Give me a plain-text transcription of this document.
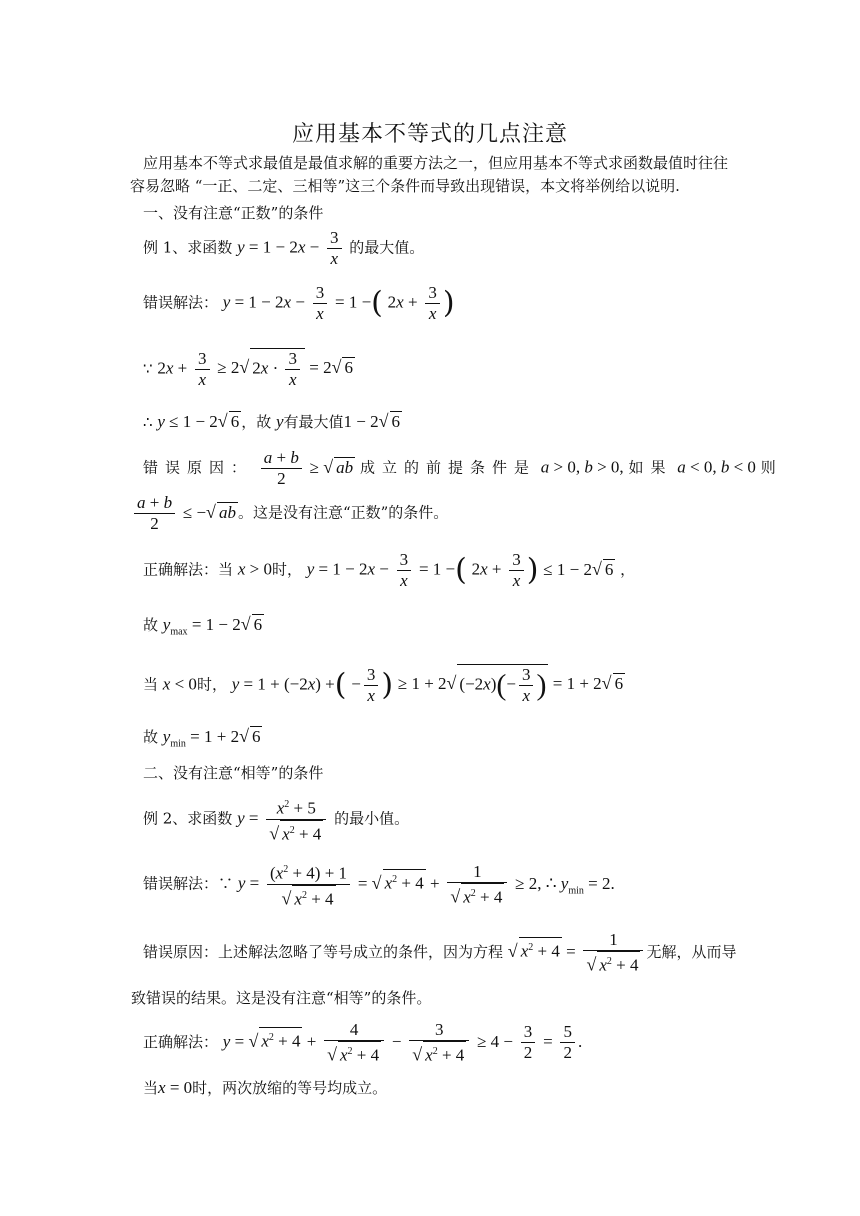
应用基本不等式的几点注意
应用基本不等式求最值是最值求解的重要方法之一，但应用基本不等式求函数最值时往往容易忽略 “一正、二定、三相等”这三个条件而导致出现错误，本文将举例给以说明.
一、没有注意“正数”的条件
例 1、求函数 $y = 1 - 2x - \frac{3}{x}$ 的最大值。
错误解法： $y = 1 - 2x - \frac{3}{x} = 1$ −( $2x + \frac{3}{x}$ )
∵ $2x + \frac{3}{x} \ge 2√$ $2x \cdot \frac{3}{x} = 2√$ 6
∴ y ≤ 1 − 2√ 6 ，故 y有最大值1 − 2√ 6
错误原因： $\frac{a + b}{2}$ ≥ √ ab 成立的前提条件是 a > 0, b > 0, 如果 a < 0, b < 0 则
$\frac{a + b}{2}$ ≤ −√ ab 。这是没有注意“正数”的条件。
正确解法：当 x > 0时， $y = 1 - 2x - \frac{3}{x} = 1$ −( $2x + \frac{3}{x}$ ) ≤ 1 − 2√ 6 ，
故 $y_{max} = 1 - 2√$ 6
当 x < 0时， y = 1 + (−2x) +( − $\frac{3}{x}$ ) ≥ 1 + 2√ $(-2x)(- \frac{3}{x}$ ) = 1 + 2√ 6
故 $y_{min} = 1 + 2√$ 6
二、没有注意“相等”的条件
例 2、求函数 $y = \frac{x^2 + 5}{√ x^2 + 4}$ 的最小值。
错误解法：∵ $y = \frac{(x^2 + 4) + 1}{√ x^2 + 4}$ = √ $x^2 + 4 + \frac{1}{√ x^2 + 4} \ge 2$, ∴ $y_{min} = 2$.
错误原因：上述解法忽略了等号成立的条件，因为方程 √ $x^2 + 4 = \frac{1}{√ x^2 + 4}$ 无解，从而导
致错误的结果。这是没有注意“相等”的条件。
正确解法： y = √ $x^2 + 4 + \frac{4}{√ x^2 + 4} - \frac{3}{√ x^2 + 4} \ge 4 - \frac{3}{2} = \frac{5}{2}$ .
当x = 0时，两次放缩的等号均成立。
